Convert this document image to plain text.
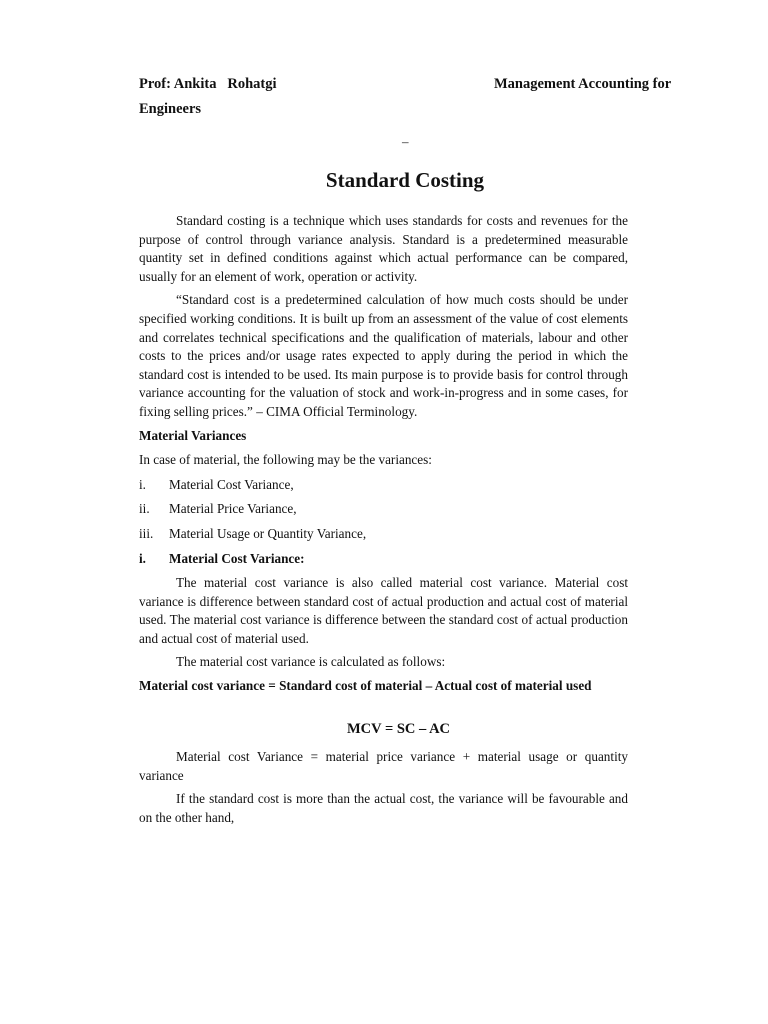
Prof: Ankita   Rohatgi	Management Accounting for
Engineers
–
Standard Costing

Standard costing is a technique which uses standards for costs and revenues for the purpose of control through variance analysis. Standard is a predetermined measurable quantity set in defined conditions against which actual performance can be compared, usually for an element of work, operation or activity.

“Standard cost is a predetermined calculation of how much costs should be under specified working conditions. It is built up from an assessment of the value of cost elements and correlates technical specifications and the qualification of materials, labour and other costs to the prices and/or usage rates expected to apply during the period in which the standard cost is intended to be used. Its main purpose is to provide basis for control through variance accounting for the valuation of stock and work-in-progress and in some cases, for fixing selling prices.” – CIMA Official Terminology.

Material Variances
In case of material, the following may be the variances:
i.	Material Cost Variance,
ii.	Material Price Variance,
iii.	Material Usage or Quantity Variance,
i.	Material Cost Variance:

The material cost variance is also called material cost variance. Material cost variance is difference between standard cost of actual production and actual cost of material used. The material cost variance is difference between the standard cost of actual production and actual cost of material used.

The material cost variance is calculated as follows:

Material cost variance = Standard cost of material – Actual cost of material used
MCV = SC – AC

Material cost Variance = material price variance + material usage or quantity variance

If the standard cost is more than the actual cost, the variance will be favourable and on the other hand,
